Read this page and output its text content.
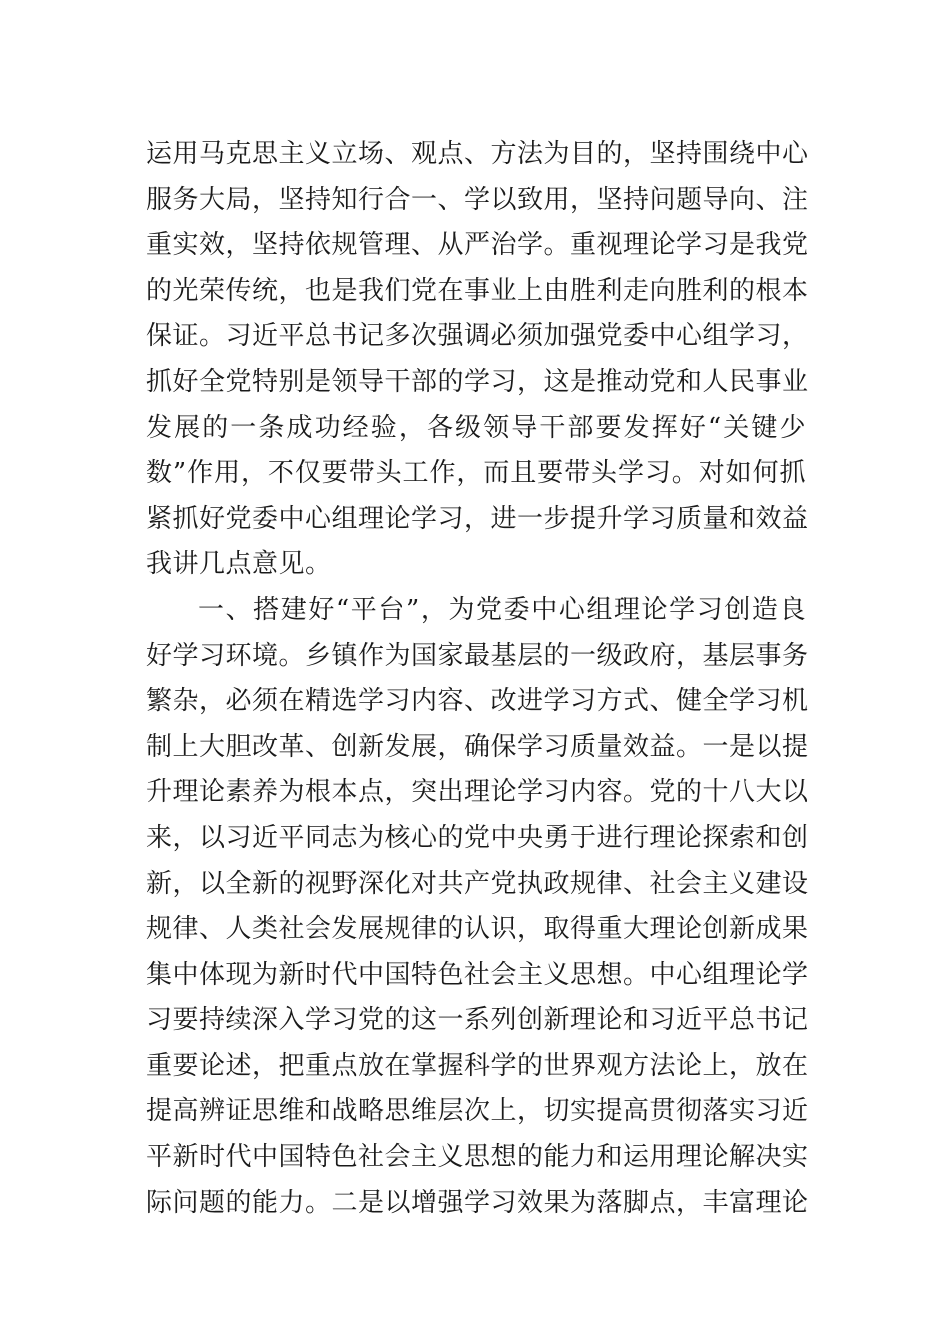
运用马克思主义立场、观点、方法为目的，坚持围绕中心
服务大局，坚持知行合一、学以致用，坚持问题导向、注
重实效，坚持依规管理、从严治学。重视理论学习是我党
的光荣传统，也是我们党在事业上由胜利走向胜利的根本
保证。习近平总书记多次强调必须加强党委中心组学习，
抓好全党特别是领导干部的学习，这是推动党和人民事业
发展的一条成功经验，各级领导干部要发挥好“关键少
数”作用，不仅要带头工作，而且要带头学习。对如何抓
紧抓好党委中心组理论学习，进一步提升学习质量和效益
我讲几点意见。
一、搭建好“平台”，为党委中心组理论学习创造良
好学习环境。乡镇作为国家最基层的一级政府，基层事务
繁杂，必须在精选学习内容、改进学习方式、健全学习机
制上大胆改革、创新发展，确保学习质量效益。一是以提
升理论素养为根本点，突出理论学习内容。党的十八大以
来，以习近平同志为核心的党中央勇于进行理论探索和创
新，以全新的视野深化对共产党执政规律、社会主义建设
规律、人类社会发展规律的认识，取得重大理论创新成果
集中体现为新时代中国特色社会主义思想。中心组理论学
习要持续深入学习党的这一系列创新理论和习近平总书记
重要论述，把重点放在掌握科学的世界观方法论上，放在
提高辨证思维和战略思维层次上，切实提高贯彻落实习近
平新时代中国特色社会主义思想的能力和运用理论解决实
际问题的能力。二是以增强学习效果为落脚点，丰富理论
